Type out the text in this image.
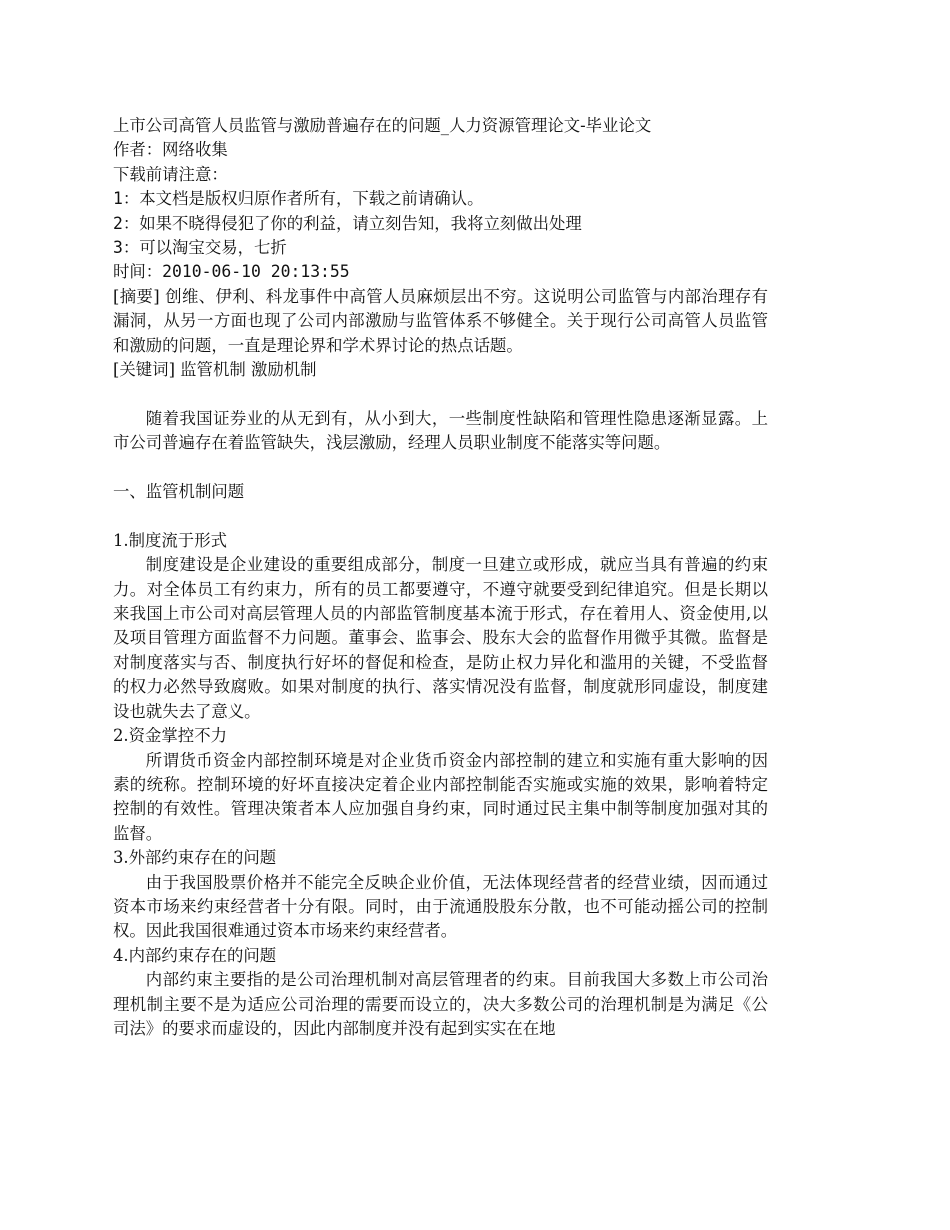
上市公司高管人员监管与激励普遍存在的问题_人力资源管理论文-毕业论文

作者：网络收集

下载前请注意：

1：本文档是版权归原作者所有，下载之前请确认。

2：如果不晓得侵犯了你的利益，请立刻告知，我将立刻做出处理

3：可以淘宝交易，七折

时间：2010-06-10 20:13:55

[摘要] 创维、伊利、科龙事件中高管人员麻烦层出不穷。这说明公司监管与内部治理存有漏洞，从另一方面也现了公司内部激励与监管体系不够健全。关于现行公司高管人员监管和激励的问题，一直是理论界和学术界讨论的热点话题。

[关键词] 监管机制 激励机制

随着我国证券业的从无到有，从小到大，一些制度性缺陷和管理性隐患逐渐显露。上市公司普遍存在着监管缺失，浅层激励，经理人员职业制度不能落实等问题。

一、监管机制问题

1.制度流于形式

制度建设是企业建设的重要组成部分，制度一旦建立或形成，就应当具有普遍的约束力。对全体员工有约束力，所有的员工都要遵守，不遵守就要受到纪律追究。但是长期以来我国上市公司对高层管理人员的内部监管制度基本流于形式，存在着用人、资金使用,以及项目管理方面监督不力问题。董事会、监事会、股东大会的监督作用微乎其微。监督是对制度落实与否、制度执行好坏的督促和检查，是防止权力异化和滥用的关键，不受监督的权力必然导致腐败。如果对制度的执行、落实情况没有监督，制度就形同虚设，制度建设也就失去了意义。

2.资金掌控不力

所谓货币资金内部控制环境是对企业货币资金内部控制的建立和实施有重大影响的因素的统称。控制环境的好坏直接决定着企业内部控制能否实施或实施的效果，影响着特定控制的有效性。管理决策者本人应加强自身约束，同时通过民主集中制等制度加强对其的监督。

3.外部约束存在的问题

由于我国股票价格并不能完全反映企业价值，无法体现经营者的经营业绩，因而通过资本市场来约束经营者十分有限。同时，由于流通股股东分散，也不可能动摇公司的控制权。因此我国很难通过资本市场来约束经营者。

4.内部约束存在的问题

内部约束主要指的是公司治理机制对高层管理者的约束。目前我国大多数上市公司治理机制主要不是为适应公司治理的需要而设立的，决大多数公司的治理机制是为满足《公司法》的要求而虚设的，因此内部制度并没有起到实实在在地
